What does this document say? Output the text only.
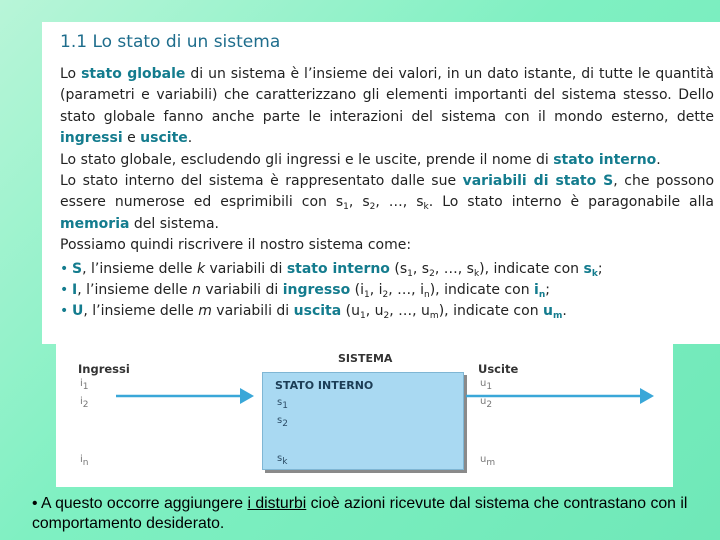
1.1 Lo stato di un sistema

Lo stato globale di un sistema è l’insieme dei valori, in un dato istante, di tutte le quantità (parametri e variabili) che caratterizzano gli elementi importanti del sistema stesso. Dello stato globale fanno anche parte le interazioni del sistema con il mondo esterno, dette ingressi e uscite.

Lo stato globale, escludendo gli ingressi e le uscite, prende il nome di stato interno.

Lo stato interno del sistema è rappresentato dalle sue variabili di stato S, che possono essere numerose ed esprimibili con $s_1$, $s_2$, …, $s_k$. Lo stato interno è paragonabile alla memoria del sistema.

Possiamo quindi riscrivere il nostro sistema come:

• S, l’insieme delle k variabili di stato interno ($s_1$, $s_2$, …, $s_k$), indicate con $s_k$;
• I, l’insieme delle n variabili di ingresso ($i_1$, $i_2$, …, $i_n$), indicate con $i_n$;
• U, l’insieme delle m variabili di uscita ($u_1$, $u_2$, …, $u_m$), indicate con $u_m$.
SISTEMA
Ingressi
$i_1$
$i_2$
$i_n$
STATO INTERNO
$s_1$
$s_2$
$s_k$
Uscite
$u_1$
$u_2$
$u_m$
• A questo occorre aggiungere i disturbi cioè azioni ricevute dal sistema che contrastano con il comportamento desiderato.
